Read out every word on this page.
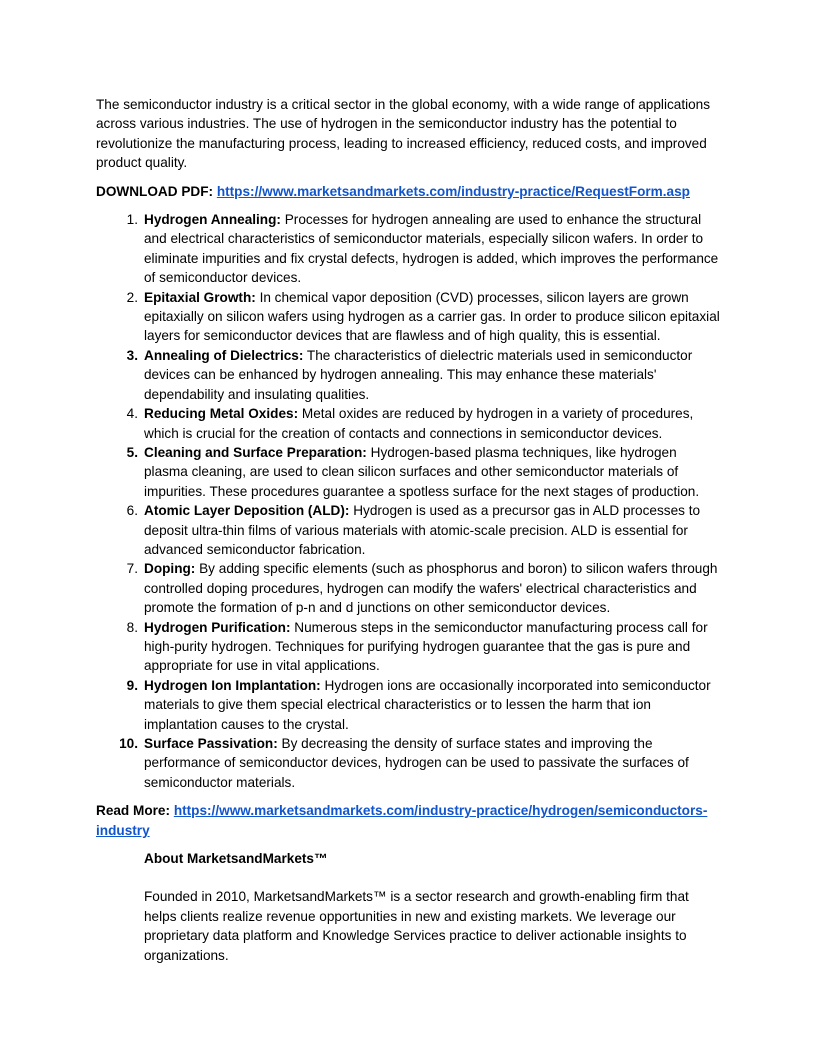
The semiconductor industry is a critical sector in the global economy, with a wide range of applications across various industries. The use of hydrogen in the semiconductor industry has the potential to revolutionize the manufacturing process, leading to increased efficiency, reduced costs, and improved product quality.

DOWNLOAD PDF: https://www.marketsandmarkets.com/industry-practice/RequestForm.asp

1. Hydrogen Annealing: Processes for hydrogen annealing are used to enhance the structural and electrical characteristics of semiconductor materials, especially silicon wafers. In order to eliminate impurities and fix crystal defects, hydrogen is added, which improves the performance of semiconductor devices.
2. Epitaxial Growth: In chemical vapor deposition (CVD) processes, silicon layers are grown epitaxially on silicon wafers using hydrogen as a carrier gas. In order to produce silicon epitaxial layers for semiconductor devices that are flawless and of high quality, this is essential.
3. Annealing of Dielectrics: The characteristics of dielectric materials used in semiconductor devices can be enhanced by hydrogen annealing. This may enhance these materials' dependability and insulating qualities.
4. Reducing Metal Oxides: Metal oxides are reduced by hydrogen in a variety of procedures, which is crucial for the creation of contacts and connections in semiconductor devices.
5. Cleaning and Surface Preparation: Hydrogen-based plasma techniques, like hydrogen plasma cleaning, are used to clean silicon surfaces and other semiconductor materials of impurities. These procedures guarantee a spotless surface for the next stages of production.
6. Atomic Layer Deposition (ALD): Hydrogen is used as a precursor gas in ALD processes to deposit ultra-thin films of various materials with atomic-scale precision. ALD is essential for advanced semiconductor fabrication.
7. Doping: By adding specific elements (such as phosphorus and boron) to silicon wafers through controlled doping procedures, hydrogen can modify the wafers' electrical characteristics and promote the formation of p-n and d junctions on other semiconductor devices.
8. Hydrogen Purification: Numerous steps in the semiconductor manufacturing process call for high-purity hydrogen. Techniques for purifying hydrogen guarantee that the gas is pure and appropriate for use in vital applications.
9. Hydrogen Ion Implantation: Hydrogen ions are occasionally incorporated into semiconductor materials to give them special electrical characteristics or to lessen the harm that ion implantation causes to the crystal.
10. Surface Passivation: By decreasing the density of surface states and improving the performance of semiconductor devices, hydrogen can be used to passivate the surfaces of semiconductor materials.

Read More: https://www.marketsandmarkets.com/industry-practice/hydrogen/semiconductors-industry

About MarketsandMarkets™

Founded in 2010, MarketsandMarkets™ is a sector research and growth-enabling firm that helps clients realize revenue opportunities in new and existing markets. We leverage our proprietary data platform and Knowledge Services practice to deliver actionable insights to organizations.
